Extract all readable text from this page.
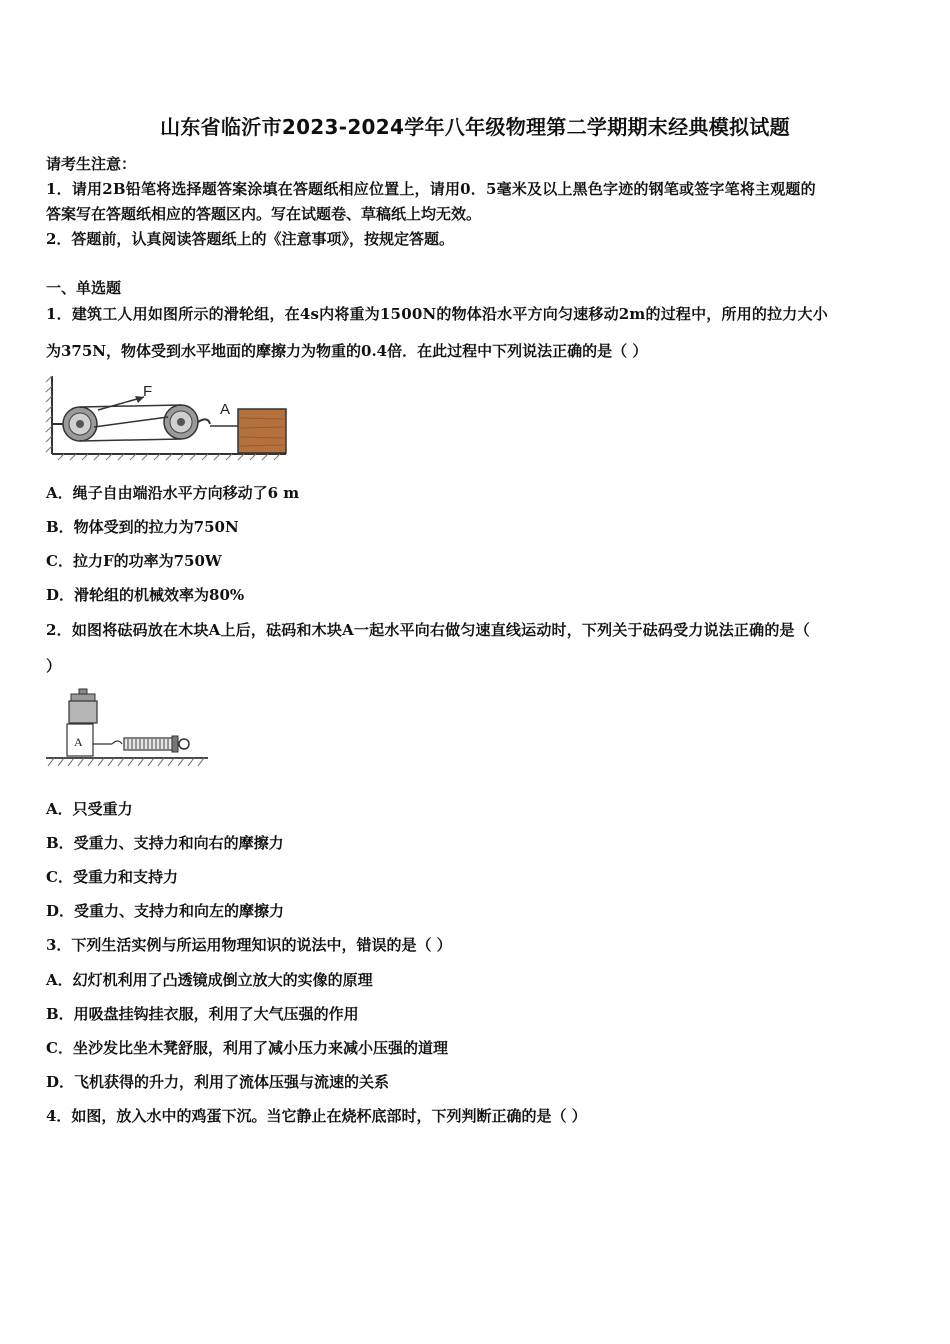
山东省临沂市2023-2024学年八年级物理第二学期期末经典模拟试题
请考生注意：
1．请用2B铅笔将选择题答案涂填在答题纸相应位置上，请用0．5毫米及以上黑色字迹的钢笔或签字笔将主观题的
答案写在答题纸相应的答题区内。写在试题卷、草稿纸上均无效。
2．答题前，认真阅读答题纸上的《注意事项》，按规定答题。
一、单选题
1．建筑工人用如图所示的滑轮组，在4s内将重为1500N的物体沿水平方向匀速移动2m的过程中，所用的拉力大小
为375N，物体受到水平地面的摩擦力为物重的0.4倍．在此过程中下列说法正确的是（ ）
F
A
A．绳子自由端沿水平方向移动了6 m
B．物体受到的拉力为750N
C．拉力F的功率为750W
D．滑轮组的机械效率为80%
2．如图将砝码放在木块A上后，砝码和木块A一起水平向右做匀速直线运动时，下列关于砝码受力说法正确的是（
）
A
A．只受重力
B．受重力、支持力和向右的摩擦力
C．受重力和支持力
D．受重力、支持力和向左的摩擦力
3．下列生活实例与所运用物理知识的说法中，错误的是（ ）
A．幻灯机利用了凸透镜成倒立放大的实像的原理
B．用吸盘挂钩挂衣服，利用了大气压强的作用
C．坐沙发比坐木凳舒服，利用了减小压力来减小压强的道理
D．飞机获得的升力，利用了流体压强与流速的关系
4．如图，放入水中的鸡蛋下沉。当它静止在烧杯底部时，下列判断正确的是（ ）
